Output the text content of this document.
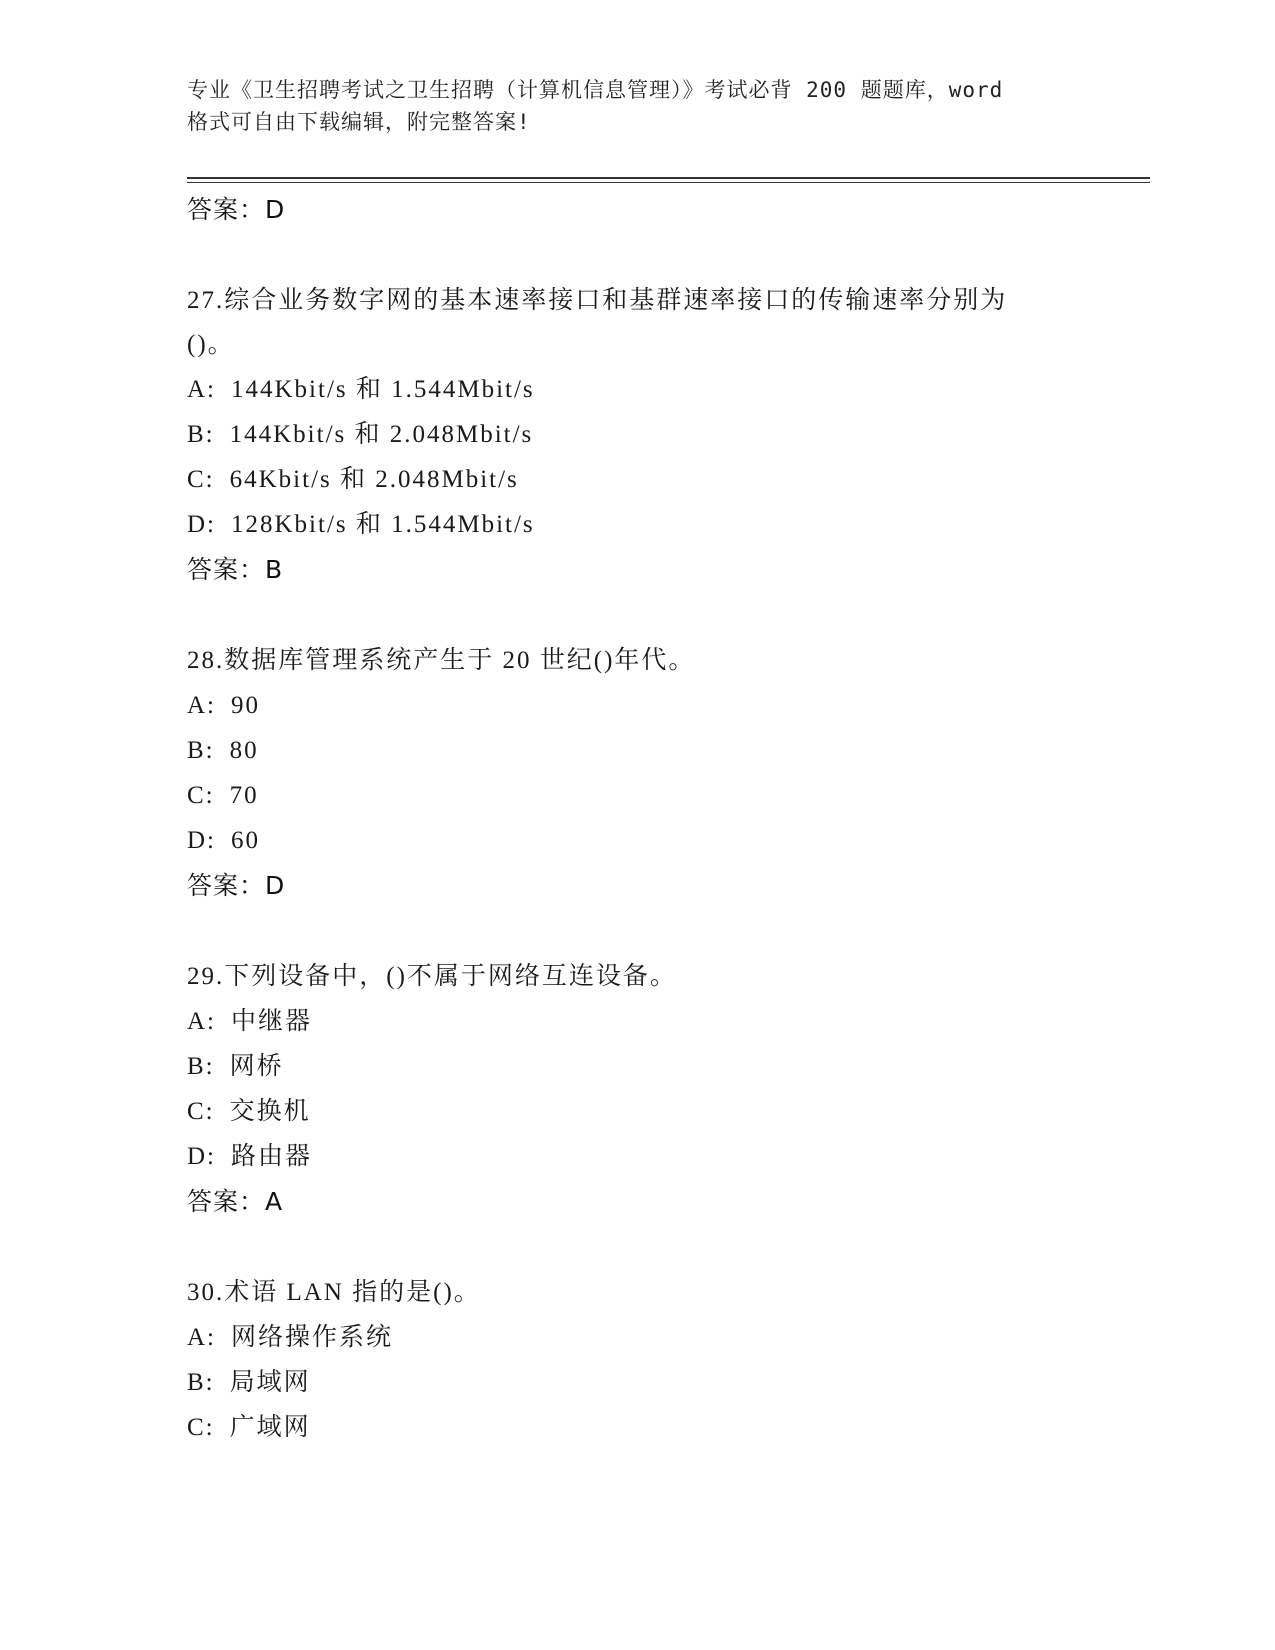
专业《卫生招聘考试之卫生招聘（计算机信息管理）》考试必背 200 题题库，word
格式可自由下载编辑，附完整答案!
答案：D
27.综合业务数字网的基本速率接口和基群速率接口的传输速率分别为
()。
A: 144Kbit/s 和 1.544Mbit/s
B: 144Kbit/s 和 2.048Mbit/s
C: 64Kbit/s 和 2.048Mbit/s
D: 128Kbit/s 和 1.544Mbit/s
答案：B
28.数据库管理系统产生于 20 世纪()年代。
A: 90
B: 80
C: 70
D: 60
答案：D
29.下列设备中，()不属于网络互连设备。
A: 中继器
B: 网桥
C: 交换机
D: 路由器
答案：A
30.术语 LAN 指的是()。
A: 网络操作系统
B: 局域网
C: 广域网
